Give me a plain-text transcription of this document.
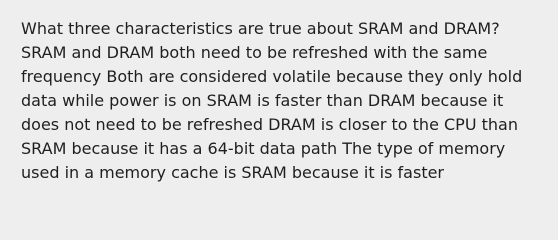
What three characteristics are true about SRAM and DRAM? SRAM and DRAM both need to be refreshed with the same frequency Both are considered volatile because they only hold data while power is on SRAM is faster than DRAM because it does not need to be refreshed DRAM is closer to the CPU than SRAM because it has a 64-bit data path The type of memory used in a memory cache is SRAM because it is faster
